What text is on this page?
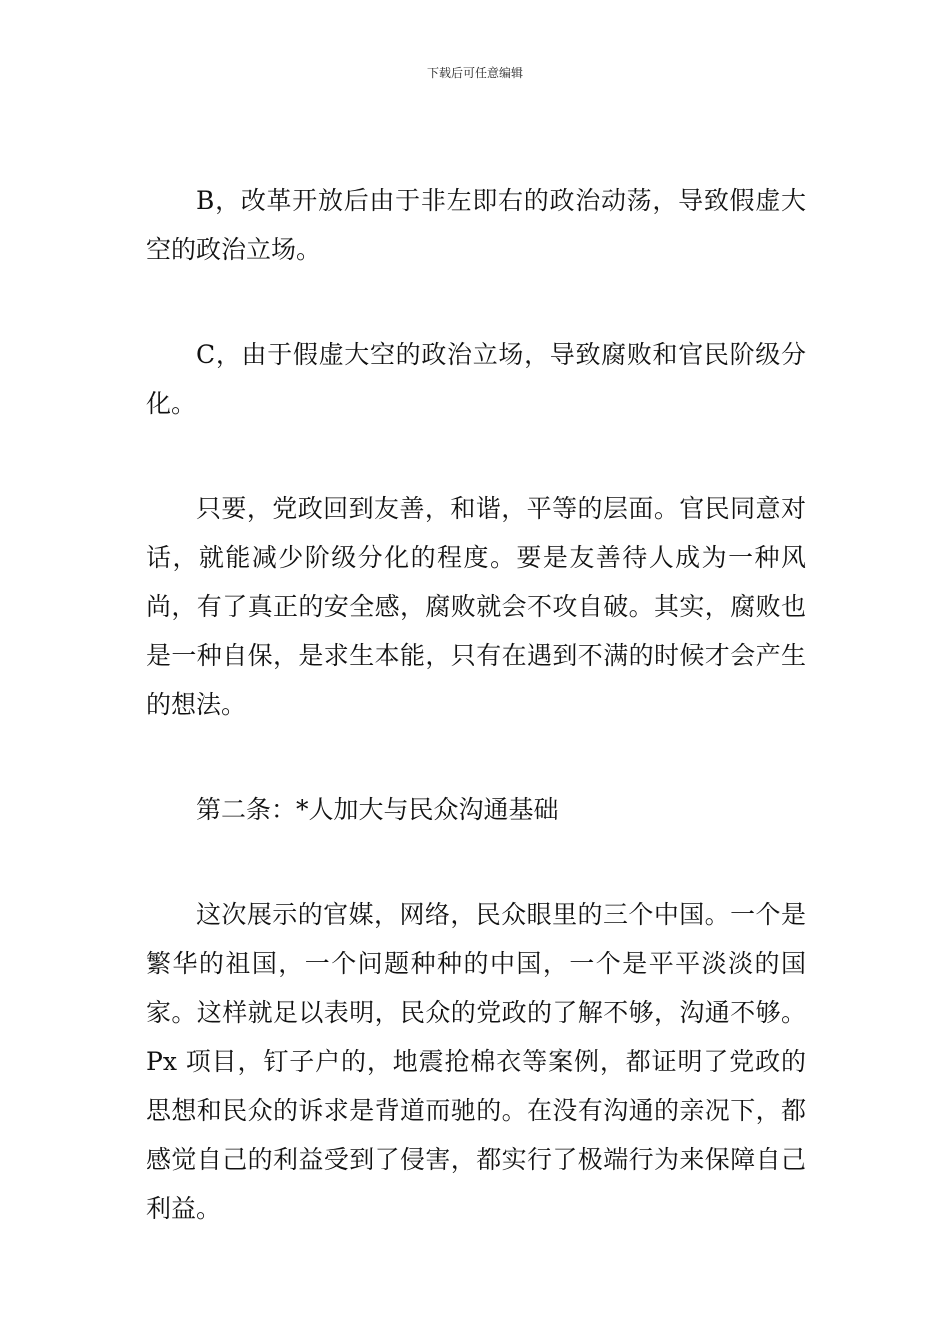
下载后可任意编辑

B，改革开放后由于非左即右的政治动荡，导致假虚大空的政治立场。

C，由于假虚大空的政治立场，导致腐败和官民阶级分化。

只要，党政回到友善，和谐，平等的层面。官民同意对话，就能减少阶级分化的程度。要是友善待人成为一种风尚，有了真正的安全感，腐败就会不攻自破。其实，腐败也是一种自保，是求生本能，只有在遇到不满的时候才会产生的想法。

第二条：*人加大与民众沟通基础

这次展示的官媒，网络，民众眼里的三个中国。一个是繁华的祖国，一个问题种种的中国，一个是平平淡淡的国家。这样就足以表明，民众的党政的了解不够，沟通不够。Px 项目，钉子户的，地震抢棉衣等案例，都证明了党政的思想和民众的诉求是背道而驰的。在没有沟通的亲况下，都感觉自己的利益受到了侵害，都实行了极端行为来保障自己利益。
